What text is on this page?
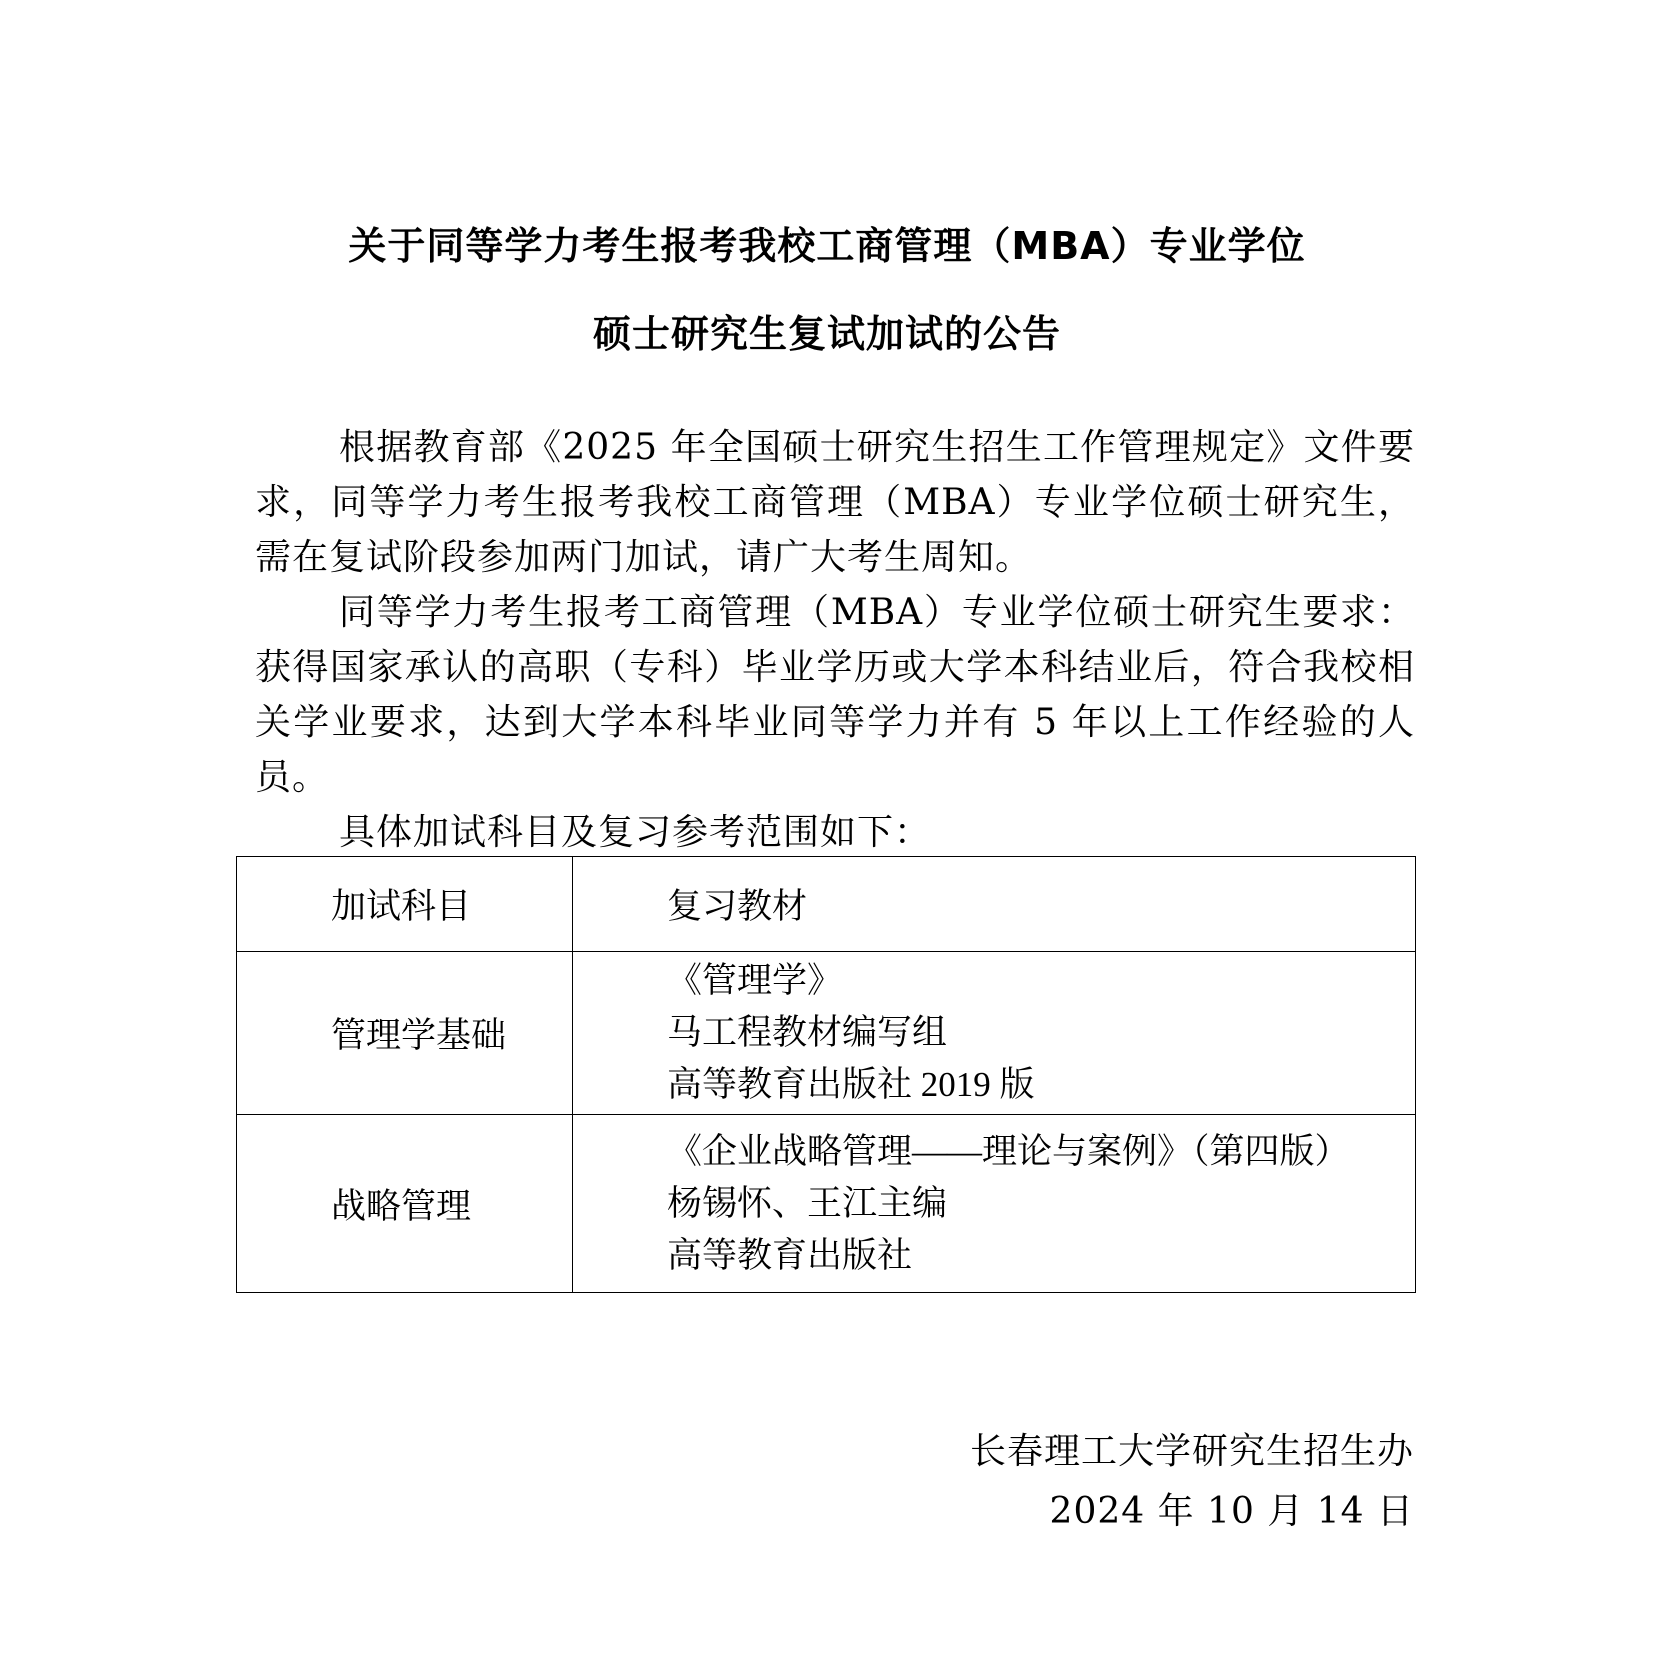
关于同等学力考生报考我校工商管理（MBA）专业学位
硕士研究生复试加试的公告

根据教育部《2025 年全国硕士研究生招生工作管理规定》文件要求，同等学力考生报考我校工商管理（MBA）专业学位硕士研究生，需在复试阶段参加两门加试，请广大考生周知。

同等学力考生报考工商管理（MBA）专业学位硕士研究生要求：获得国家承认的高职（专科）毕业学历或大学本科结业后，符合我校相关学业要求，达到大学本科毕业同等学力并有 5 年以上工作经验的人员。

具体加试科目及复习参考范围如下：

加试科目	复习教材
管理学基础	《管理学》
马工程教材编写组
高等教育出版社 2019 版

战略管理	《企业战略管理——理论与案例》（第四版）
杨锡怀、王江主编
高等教育出版社
长春理工大学研究生招生办
2024 年 10 月 14 日
